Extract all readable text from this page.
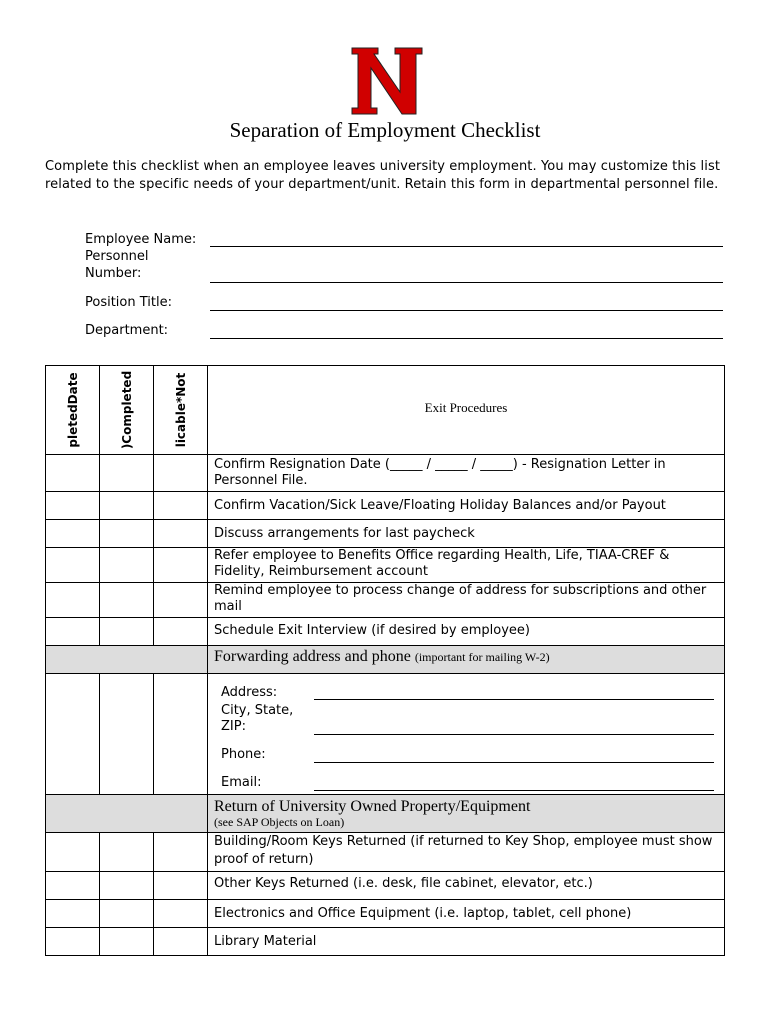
Separation of Employment Checklist
Complete this checklist when an employee leaves university employment. You may customize this list related to the specific needs of your department/unit. Retain this form in departmental personnel file.
Employee Name:
Personnel
Number:
Position Title:
Department:
pletedDate	)Completed	licable*Not	Exit Procedures
			Confirm Resignation Date (_____ / _____ / _____) - Resignation Letter in Personnel File.
			Confirm Vacation/Sick Leave/Floating Holiday Balances and/or Payout
			Discuss arrangements for last paycheck
			Refer employee to Benefits Office regarding Health, Life, TIAA-CREF & Fidelity, Reimbursement account
			Remind employee to process change of address for subscriptions and other mail
			Schedule Exit Interview (if desired by employee)
			Forwarding address and phone (important for mailing W-2)

			Address:
City, State,
ZIP:
Phone:
Email:

			Return of University Owned Property/Equipment
(see SAP Objects on Loan)

			Building/Room Keys Returned (if returned to Key Shop, employee must show proof of return)
			Other Keys Returned (i.e. desk, file cabinet, elevator, etc.)
			Electronics and Office Equipment (i.e. laptop, tablet, cell phone)
			Library Material
